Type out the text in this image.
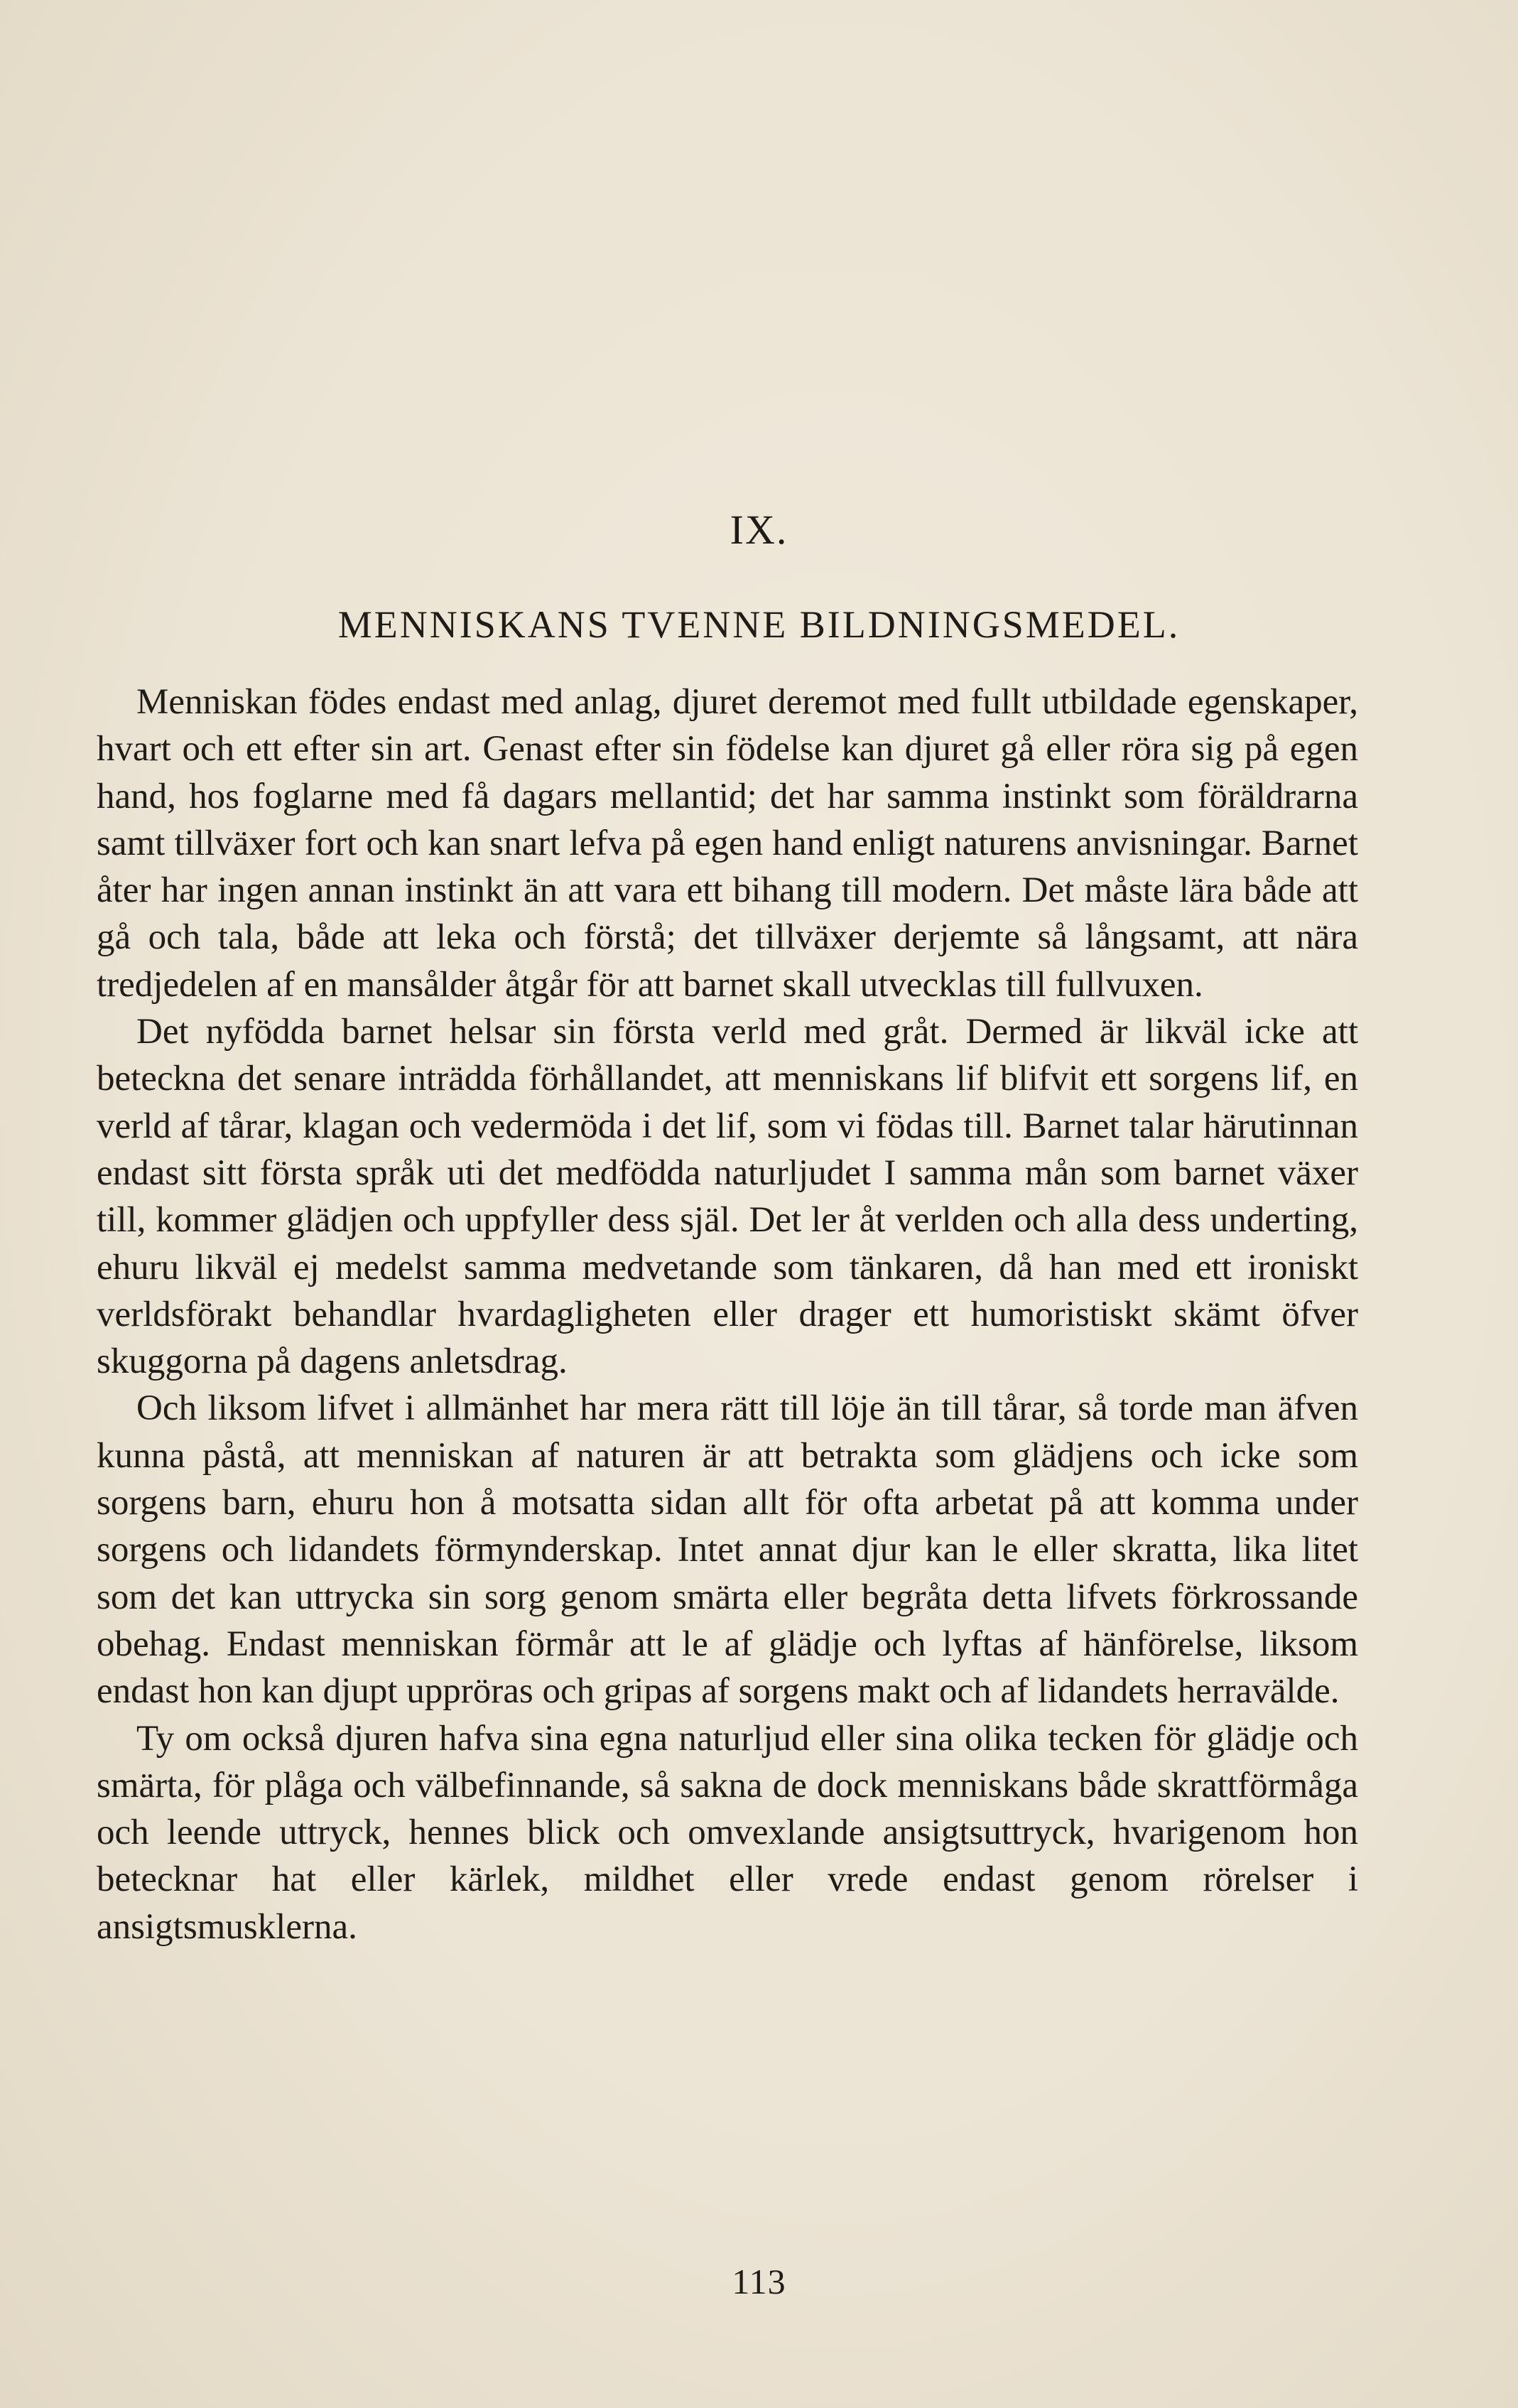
IX.
MENNISKANS TVENNE BILDNINGSMEDEL.

Menniskan födes endast med anlag, djuret deremot med fullt utbildade egenskaper, hvart och ett efter sin art. Genast efter sin födelse kan djuret gå eller röra sig på egen hand, hos foglarne med få dagars mellantid; det har samma instinkt som föräldrarna samt tillväxer fort och kan snart lefva på egen hand enligt naturens anvisningar. Barnet åter har ingen annan instinkt än att vara ett bihang till modern. Det måste lära både att gå och tala, både att leka och förstå; det tillväxer derjemte så långsamt, att nära tredjedelen af en mansålder åtgår för att barnet skall utvecklas till fullvuxen.

Det nyfödda barnet helsar sin första verld med gråt. Dermed är likväl icke att beteckna det senare inträdda förhållandet, att menniskans lif blifvit ett sorgens lif, en verld af tårar, klagan och vedermöda i det lif, som vi födas till. Barnet talar härutinnan endast sitt första språk uti det medfödda naturljudet I samma mån som barnet växer till, kommer glädjen och uppfyller dess själ. Det ler åt verlden och alla dess underting, ehuru likväl ej medelst samma medvetande som tänkaren, då han med ett ironiskt verldsförakt behandlar hvardagligheten eller drager ett humoristiskt skämt öfver skuggorna på dagens anletsdrag.

Och liksom lifvet i allmänhet har mera rätt till löje än till tårar, så torde man äfven kunna påstå, att menniskan af naturen är att betrakta som glädjens och icke som sorgens barn, ehuru hon å motsatta sidan allt för ofta arbetat på att komma under sorgens och lidandets förmynderskap. Intet annat djur kan le eller skratta, lika litet som det kan uttrycka sin sorg genom smärta eller begråta detta lifvets förkrossande obehag. Endast menniskan förmår att le af glädje och lyftas af hänförelse, liksom endast hon kan djupt uppröras och gripas af sorgens makt och af lidandets herravälde.

Ty om också djuren hafva sina egna naturljud eller sina olika tecken för glädje och smärta, för plåga och välbefinnande, så sakna de dock menniskans både skrattförmåga och leende uttryck, hennes blick och omvexlande ansigtsuttryck, hvarigenom hon betecknar hat eller kärlek, mildhet eller vrede endast genom rörelser i ansigtsmusklerna.

113
